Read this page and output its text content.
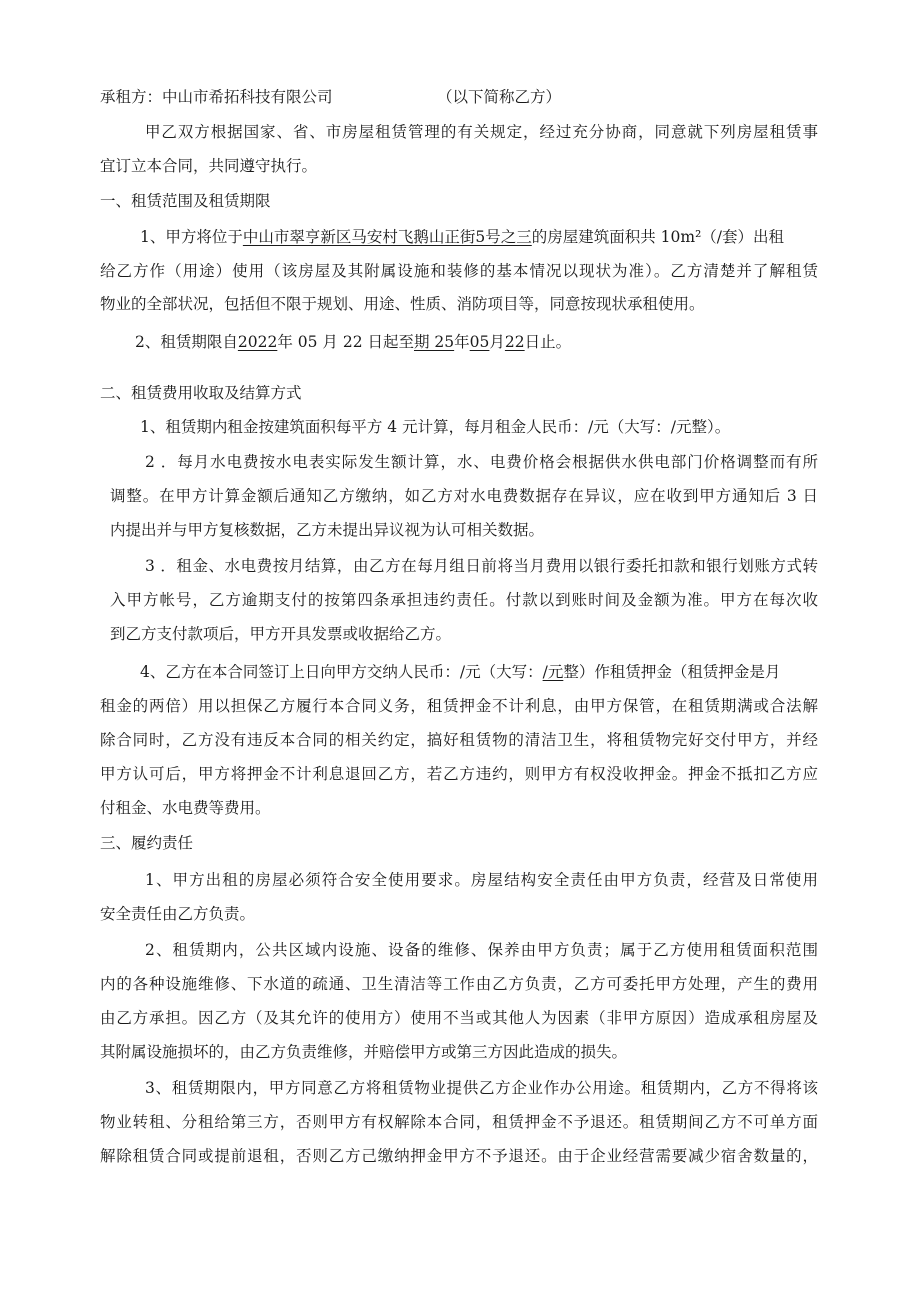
承租方：中山市希拓科技有限公司	（以下简称乙方）
甲乙双方根据国家、省、市房屋租赁管理的有关规定，经过充分协商，同意就下列房屋租赁事
宜订立本合同，共同遵守执行。
一、租赁范围及租赁期限
1、甲方将位于中山市翠亨新区马安村飞鹅山正街5号之三的房屋建筑面积共 10m²（/套）出租
给乙方作（用途）使用（该房屋及其附属设施和装修的基本情况以现状为准）。乙方清楚并了解租赁
物业的全部状况，包括但不限于规划、用途、性质、消防项目等，同意按现状承租使用。
2、租赁期限自2022年 05 月 22 日起至期 25年05月22日止。
二、租赁费用收取及结算方式
1、租赁期内租金按建筑面积每平方 4 元计算，每月租金人民币：/元（大写：/元整）。
2 ．每月水电费按水电表实际发生额计算，水、电费价格会根据供水供电部门价格调整而有所
调整。在甲方计算金额后通知乙方缴纳，如乙方对水电费数据存在异议，应在收到甲方通知后 3 日
内提出并与甲方复核数据，乙方未提出异议视为认可相关数据。
3 ．租金、水电费按月结算，由乙方在每月组日前将当月费用以银行委托扣款和银行划账方式转
入甲方帐号，乙方逾期支付的按第四条承担违约责任。付款以到账时间及金额为准。甲方在每次收
到乙方支付款项后，甲方开具发票或收据给乙方。
4、乙方在本合同签订上日向甲方交纳人民币：/元（大写：/元整）作租赁押金（租赁押金是月
租金的两倍）用以担保乙方履行本合同义务，租赁押金不计利息，由甲方保管，在租赁期满或合法解
除合同时，乙方没有违反本合同的相关约定，搞好租赁物的清洁卫生，将租赁物完好交付甲方，并经
甲方认可后，甲方将押金不计利息退回乙方，若乙方违约，则甲方有权没收押金。押金不抵扣乙方应
付租金、水电费等费用。
三、履约责任
1、甲方出租的房屋必须符合安全使用要求。房屋结构安全责任由甲方负责，经营及日常使用
安全责任由乙方负责。
2、租赁期内，公共区域内设施、设备的维修、保养由甲方负责；属于乙方使用租赁面积范围
内的各种设施维修、下水道的疏通、卫生清洁等工作由乙方负责，乙方可委托甲方处理，产生的费用
由乙方承担。因乙方（及其允许的使用方）使用不当或其他人为因素（非甲方原因）造成承租房屋及
其附属设施损坏的，由乙方负责维修，并赔偿甲方或第三方因此造成的损失。
3、租赁期限内，甲方同意乙方将租赁物业提供乙方企业作办公用途。租赁期内，乙方不得将该
物业转租、分租给第三方，否则甲方有权解除本合同，租赁押金不予退还。租赁期间乙方不可单方面
解除租赁合同或提前退租，否则乙方己缴纳押金甲方不予退还。由于企业经营需要减少宿舍数量的，
